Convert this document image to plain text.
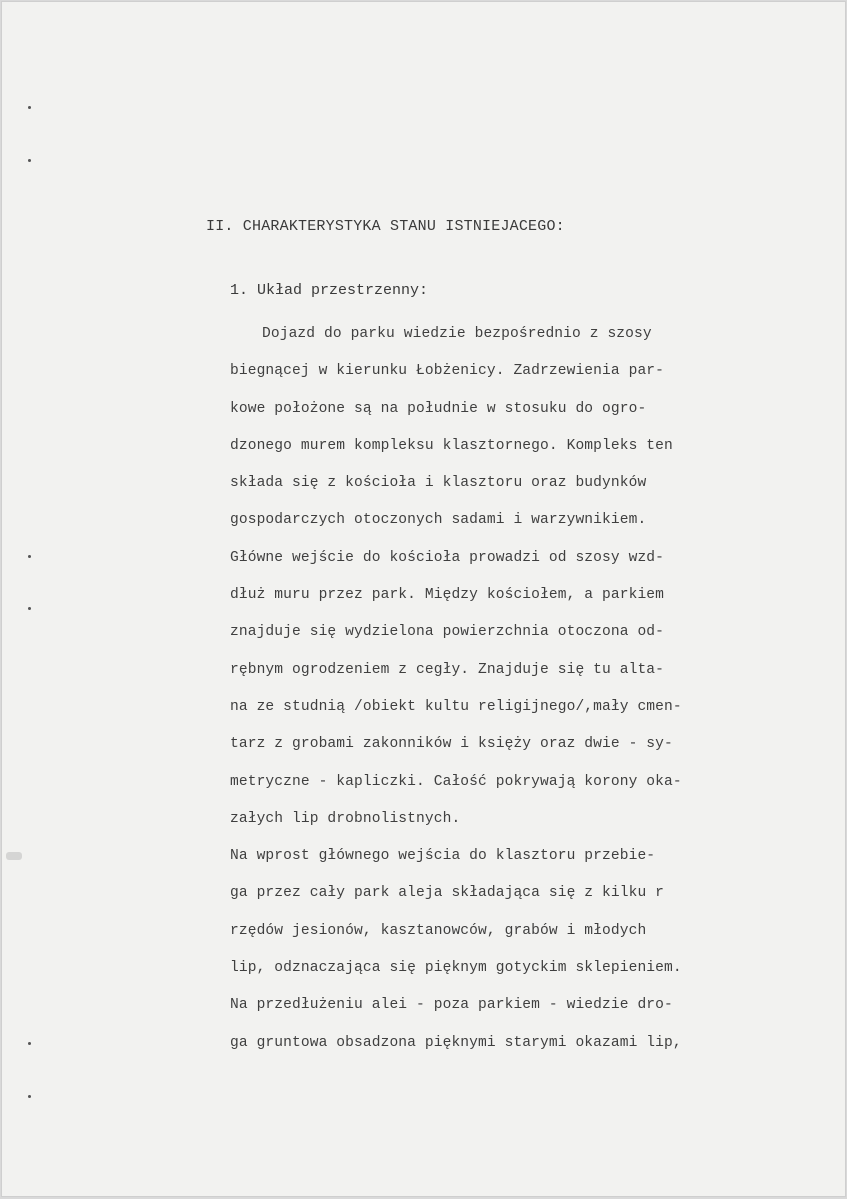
II. CHARAKTERYSTYKA STANU ISTNIEJACEGO:
1. Układ przestrzenny:
Dojazd do parku wiedzie bezpośrednio z szosy
biegnącej w kierunku Łobżenicy. Zadrzewienia par-
kowe położone są na południe w stosuku do ogro-
dzonego murem kompleksu klasztornego. Kompleks ten
składa się z kościoła i klasztoru oraz budynków
gospodarczych otoczonych sadami i warzywnikiem.
Główne wejście do kościoła prowadzi od szosy wzd-
dłuż muru przez park. Między kościołem, a parkiem
znajduje się wydzielona powierzchnia otoczona od-
rębnym ogrodzeniem z cegły. Znajduje się tu alta-
na ze studnią /obiekt kultu religijnego/,mały cmen-
tarz z grobami zakonników i księży oraz dwie - sy-
metryczne - kapliczki. Całość pokrywają korony oka-
załych lip drobnolistnych.
Na wprost głównego wejścia do klasztoru przebie-
ga przez cały park aleja składająca się z kilku r
rzędów jesionów, kasztanowców, grabów i młodych
lip, odznaczająca się pięknym gotyckim sklepieniem.
Na przedłużeniu alei - poza parkiem - wiedzie dro-
ga gruntowa obsadzona pięknymi starymi okazami lip,
